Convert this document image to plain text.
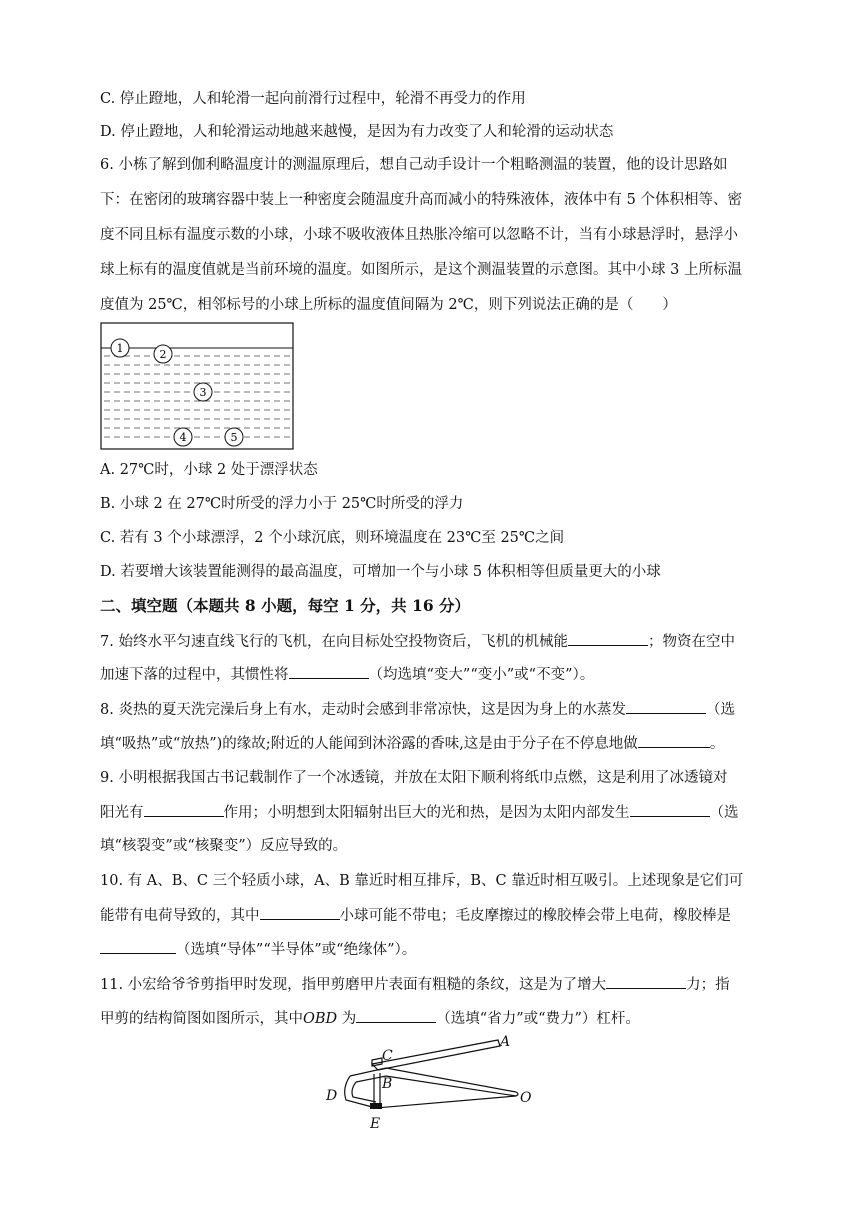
C. 停止蹬地，人和轮滑一起向前滑行过程中，轮滑不再受力的作用
D. 停止蹬地，人和轮滑运动地越来越慢，是因为有力改变了人和轮滑的运动状态
6. 小栋了解到伽利略温度计的测温原理后，想自己动手设计一个粗略测温的装置，他的设计思路如
下：在密闭的玻璃容器中装上一种密度会随温度升高而减小的特殊液体，液体中有 5 个体积相等、密
度不同且标有温度示数的小球，小球不吸收液体且热胀冷缩可以忽略不计，当有小球悬浮时，悬浮小
球上标有的温度值就是当前环境的温度。如图所示，是这个测温装置的示意图。其中小球 3 上所标温
度值为 25℃，相邻标号的小球上所标的温度值间隔为 2℃，则下列说法正确的是（　　）
1	2
3
4	5
A. 27℃时，小球 2 处于漂浮状态
B. 小球 2 在 27℃时所受的浮力小于 25℃时所受的浮力
C. 若有 3 个小球漂浮，2 个小球沉底，则环境温度在 23℃至 25℃之间
D. 若要增大该装置能测得的最高温度，可增加一个与小球 5 体积相等但质量更大的小球
二、填空题（本题共 8 小题，每空 1 分，共 16 分）
7. 始终水平匀速直线飞行的飞机，在向目标处空投物资后，飞机的机械能	；物资在空中
加速下落的过程中，其惯性将	（均选填“变大”“变小”或“不变”）。
8. 炎热的夏天洗完澡后身上有水，走动时会感到非常凉快，这是因为身上的水蒸发	（选
填“吸热”或“放热”)的缘故;附近的人能闻到沐浴露的香味,这是由于分子在不停息地做	。
9. 小明根据我国古书记载制作了一个冰透镜，并放在太阳下顺利将纸巾点燃，这是利用了冰透镜对
阳光有	作用；小明想到太阳辐射出巨大的光和热，是因为太阳内部发生	（选
填“核裂变”或“核聚变”）反应导致的。
10. 有 A、B、C 三个轻质小球，A、B 靠近时相互排斥，B、C 靠近时相互吸引。上述现象是它们可
能带有电荷导致的，其中	小球可能不带电；毛皮摩擦过的橡胶棒会带上电荷，橡胶棒是
（选填“导体”“半导体”或“绝缘体”）。
11. 小宏给爷爷剪指甲时发现，指甲剪磨甲片表面有粗糙的条纹，这是为了增大	力；指
甲剪的结构简图如图所示，其中OBD 为	（选填“省力”或“费力”）杠杆。
A
B
C
D
E
O
